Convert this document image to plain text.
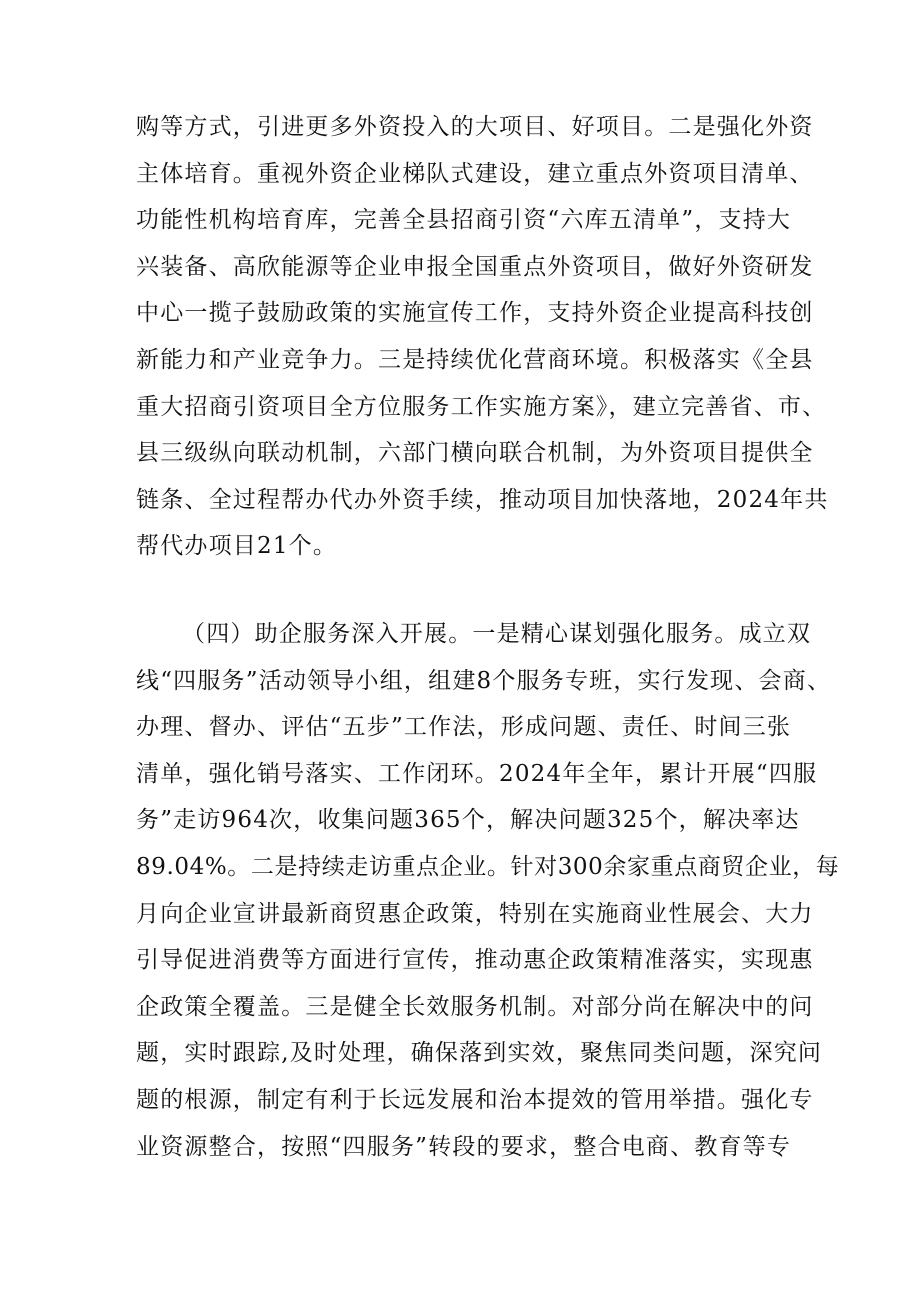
购等方式，引进更多外资投入的大项目、好项目。二是强化外资
主体培育。重视外资企业梯队式建设，建立重点外资项目清单、
功能性机构培育库，完善全县招商引资“六库五清单”，支持大
兴装备、高欣能源等企业申报全国重点外资项目，做好外资研发
中心一揽子鼓励政策的实施宣传工作，支持外资企业提高科技创
新能力和产业竞争力。三是持续优化营商环境。积极落实《全县
重大招商引资项目全方位服务工作实施方案》，建立完善省、市、
县三级纵向联动机制，六部门横向联合机制，为外资项目提供全
链条、全过程帮办代办外资手续，推动项目加快落地，2024年共
帮代办项目21个。
（四）助企服务深入开展。一是精心谋划强化服务。成立双
线“四服务”活动领导小组，组建8个服务专班，实行发现、会商、
办理、督办、评估“五步”工作法，形成问题、责任、时间三张
清单，强化销号落实、工作闭环。2024年全年，累计开展“四服
务”走访964次，收集问题365个，解决问题325个，解决率达
89.04%。二是持续走访重点企业。针对300余家重点商贸企业，每
月向企业宣讲最新商贸惠企政策，特别在实施商业性展会、大力
引导促进消费等方面进行宣传，推动惠企政策精准落实，实现惠
企政策全覆盖。三是健全长效服务机制。对部分尚在解决中的问
题，实时跟踪,及时处理，确保落到实效，聚焦同类问题，深究问
题的根源，制定有利于长远发展和治本提效的管用举措。强化专
业资源整合，按照“四服务”转段的要求，整合电商、教育等专
